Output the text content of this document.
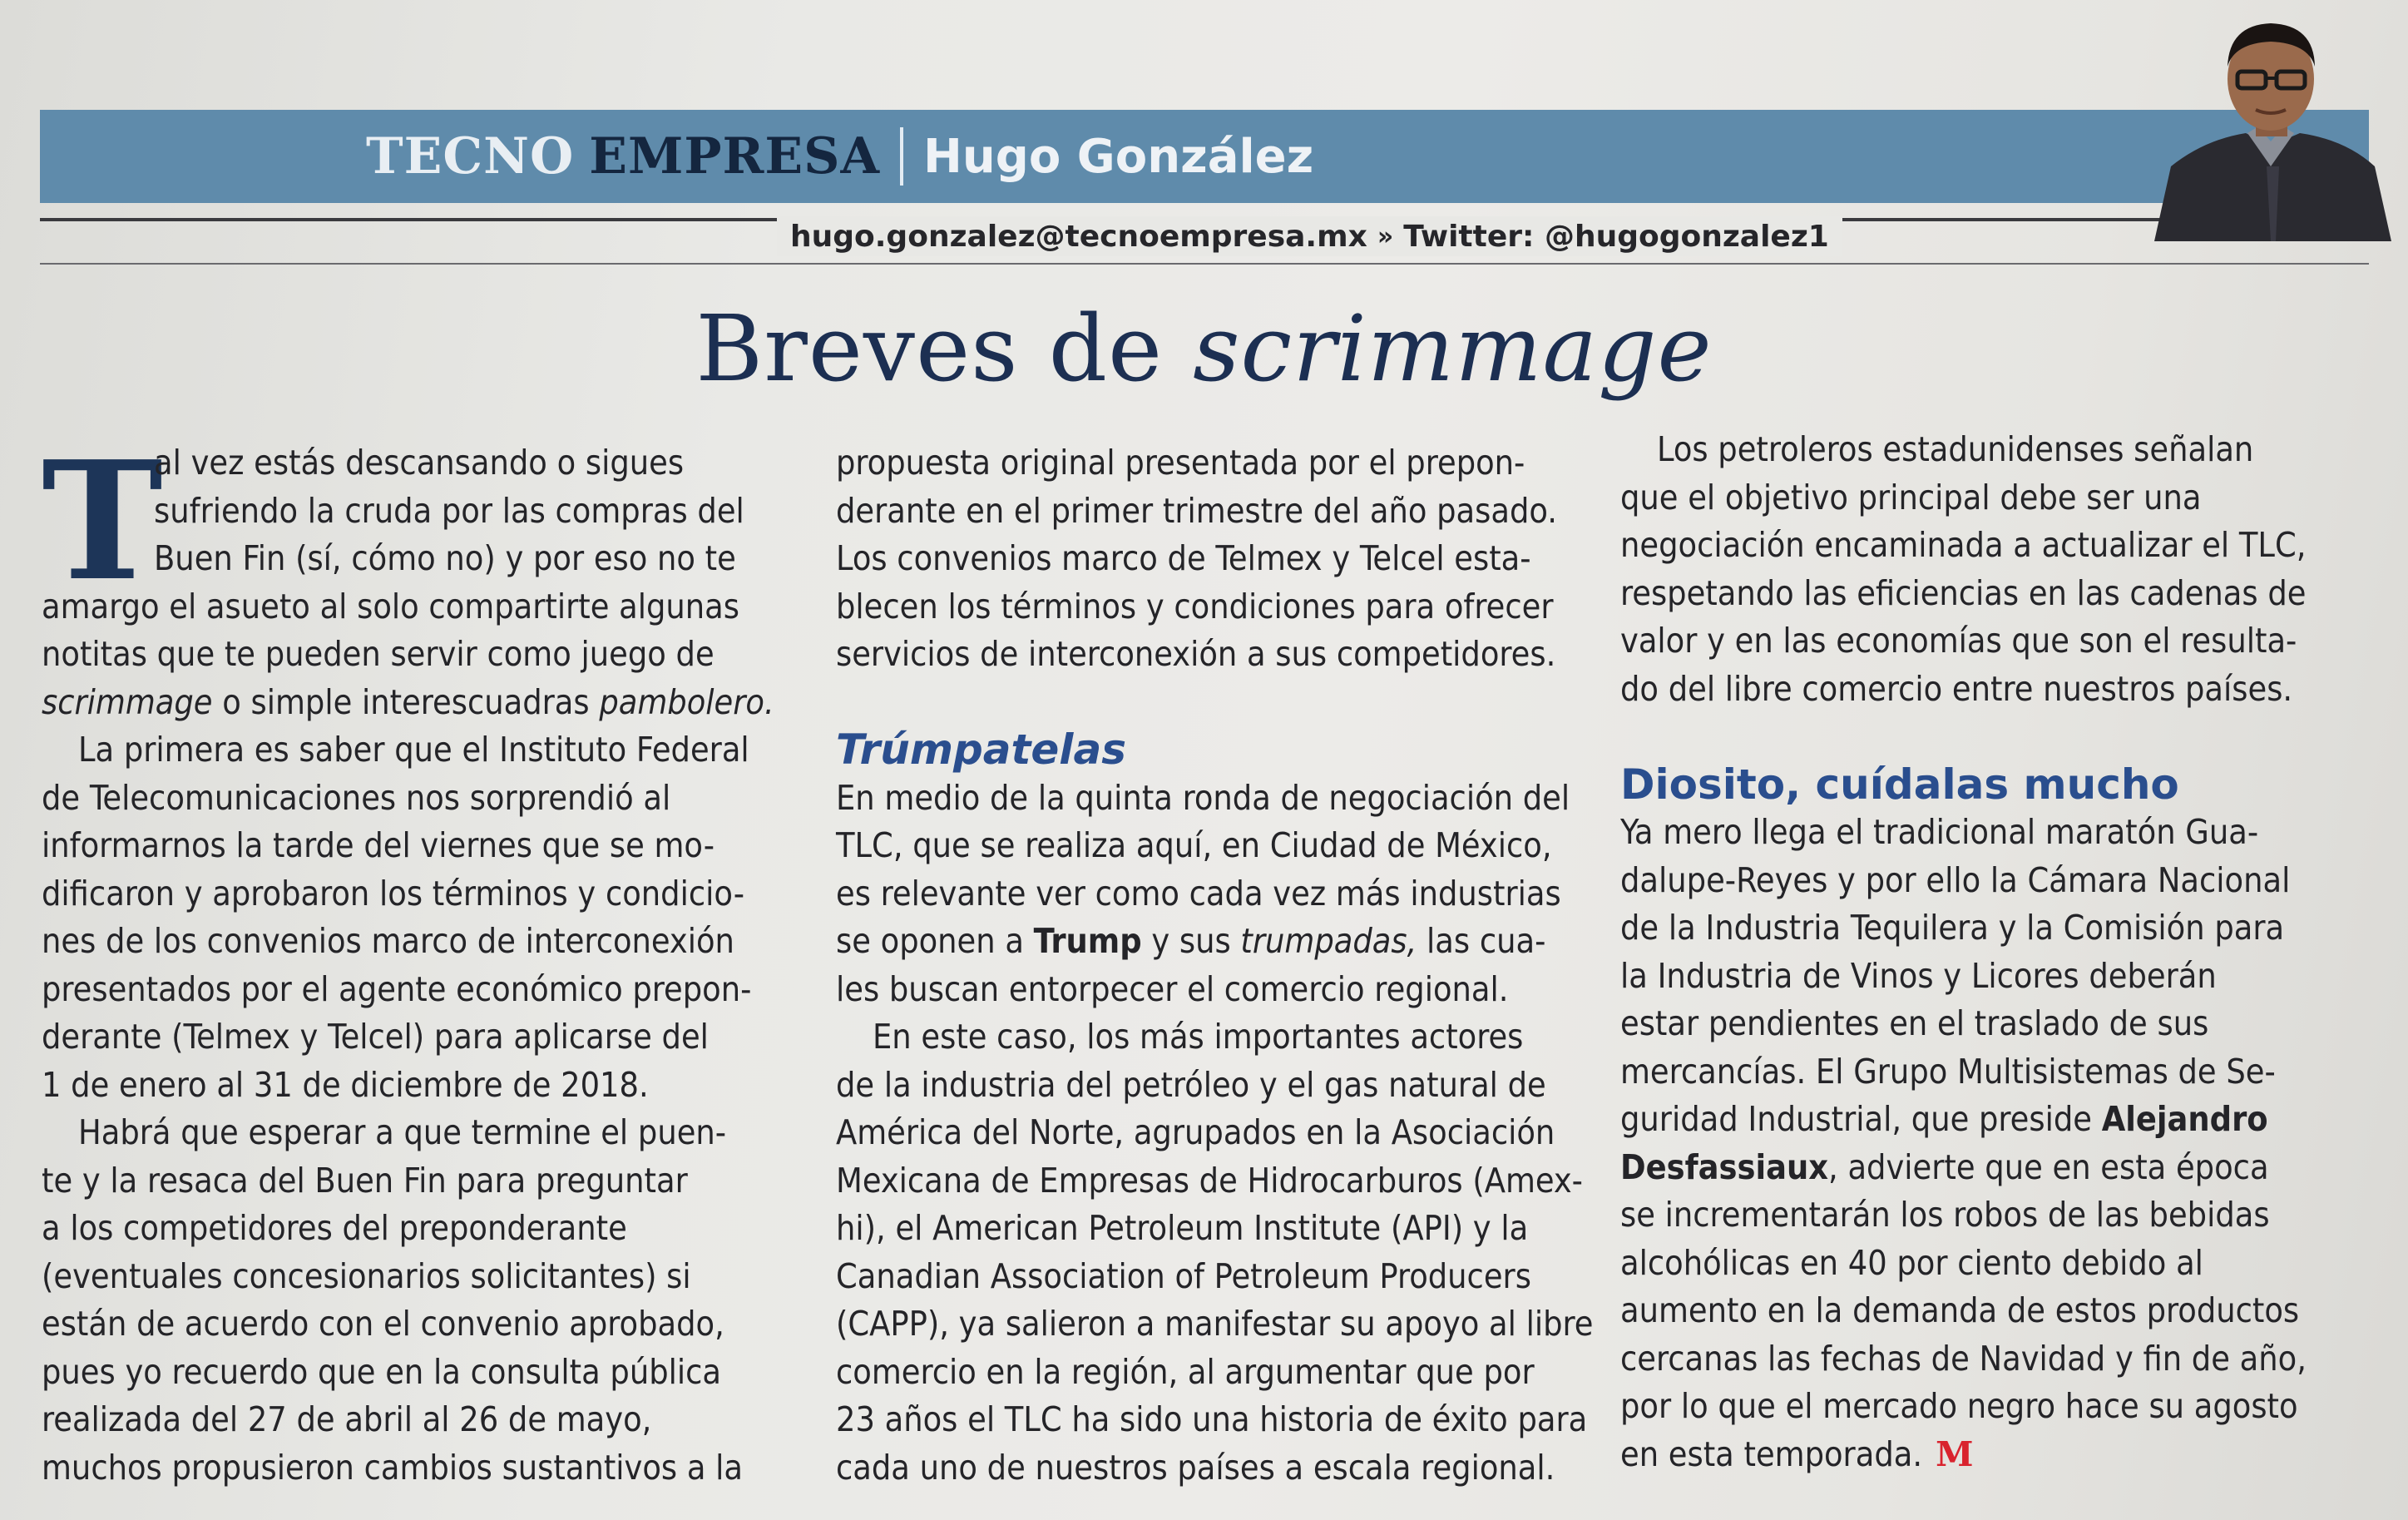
TECNO EMPRESA Hugo González
hugo.gonzalez@tecnoempresa.mx » Twitter: @hugogonzalez1
Breves de scrimmage
T
al vez estás descansando o sigues
sufriendo la cruda por las compras del
Buen Fin (sí, cómo no) y por eso no te
amargo el asueto al solo compartirte algunas
notitas que te pueden servir como juego de
scrimmage o simple interescuadras pambolero.
La primera es saber que el Instituto Federal
de Telecomunicaciones nos sorprendió al
informarnos la tarde del viernes que se mo-
dificaron y aprobaron los términos y condicio-
nes de los convenios marco de interconexión
presentados por el agente económico prepon-
derante (Telmex y Telcel) para aplicarse del
1 de enero al 31 de diciembre de 2018.
Habrá que esperar a que termine el puen-
te y la resaca del Buen Fin para preguntar
a los competidores del preponderante
(eventuales concesionarios solicitantes) si
están de acuerdo con el convenio aprobado,
pues yo recuerdo que en la consulta pública
realizada del 27 de abril al 26 de mayo,
muchos propusieron cambios sustantivos a la
propuesta original presentada por el prepon-
derante en el primer trimestre del año pasado.
Los convenios marco de Telmex y Telcel esta-
blecen los términos y condiciones para ofrecer
servicios de interconexión a sus competidores.
Trúmpatelas
En medio de la quinta ronda de negociación del
TLC, que se realiza aquí, en Ciudad de México,
es relevante ver como cada vez más industrias
se oponen a Trump y sus trumpadas, las cua-
les buscan entorpecer el comercio regional.
En este caso, los más importantes actores
de la industria del petróleo y el gas natural de
América del Norte, agrupados en la Asociación
Mexicana de Empresas de Hidrocarburos (Amex-
hi), el American Petroleum Institute (API) y la
Canadian Association of Petroleum Producers
(CAPP), ya salieron a manifestar su apoyo al libre
comercio en la región, al argumentar que por
23 años el TLC ha sido una historia de éxito para
cada uno de nuestros países a escala regional.
Los petroleros estadunidenses señalan
que el objetivo principal debe ser una
negociación encaminada a actualizar el TLC,
respetando las eficiencias en las cadenas de
valor y en las economías que son el resulta-
do del libre comercio entre nuestros países.
Diosito, cuídalas mucho
Ya mero llega el tradicional maratón Gua-
dalupe-Reyes y por ello la Cámara Nacional
de la Industria Tequilera y la Comisión para
la Industria de Vinos y Licores deberán
estar pendientes en el traslado de sus
mercancías. El Grupo Multisistemas de Se-
guridad Industrial, que preside Alejandro
Desfassiaux, advierte que en esta época
se incrementarán los robos de las bebidas
alcohólicas en 40 por ciento debido al
aumento en la demanda de estos productos
cercanas las fechas de Navidad y fin de año,
por lo que el mercado negro hace su agosto
en esta temporada. M
